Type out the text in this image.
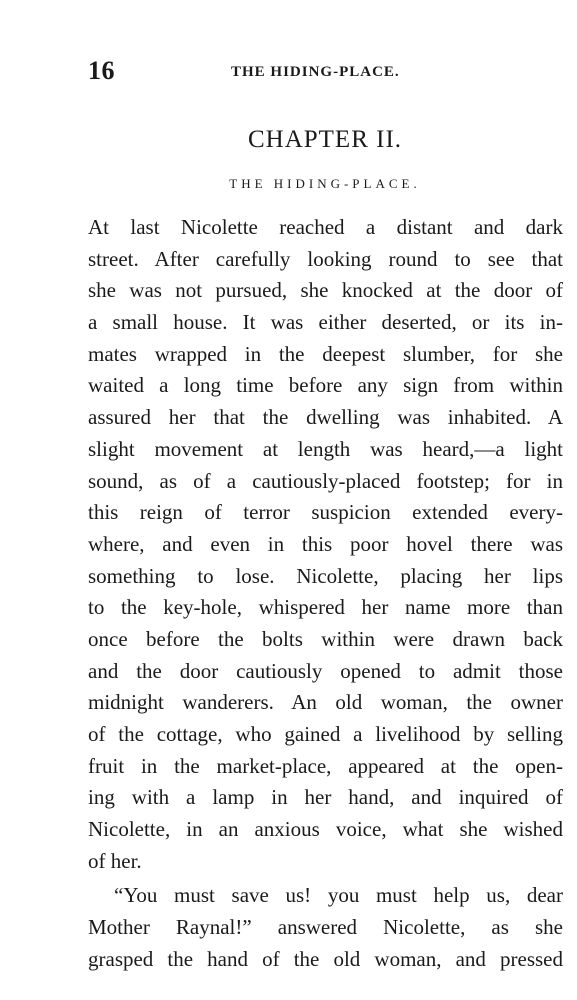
16	THE HIDING-PLACE.
CHAPTER II.
THE HIDING-PLACE.
At last Nicolette reached a distant and dark
street. After carefully looking round to see that
she was not pursued, she knocked at the door of
a small house. It was either deserted, or its in-
mates wrapped in the deepest slumber, for she
waited a long time before any sign from within
assured her that the dwelling was inhabited. A
slight movement at length was heard,—a light
sound, as of a cautiously-placed footstep; for in
this reign of terror suspicion extended every-
where, and even in this poor hovel there was
something to lose. Nicolette, placing her lips
to the key-hole, whispered her name more than
once before the bolts within were drawn back
and the door cautiously opened to admit those
midnight wanderers. An old woman, the owner
of the cottage, who gained a livelihood by selling
fruit in the market-place, appeared at the open-
ing with a lamp in her hand, and inquired of
Nicolette, in an anxious voice, what she wished
of her.
“You must save us! you must help us, dear
Mother Raynal!” answered Nicolette, as she
grasped the hand of the old woman, and pressed
